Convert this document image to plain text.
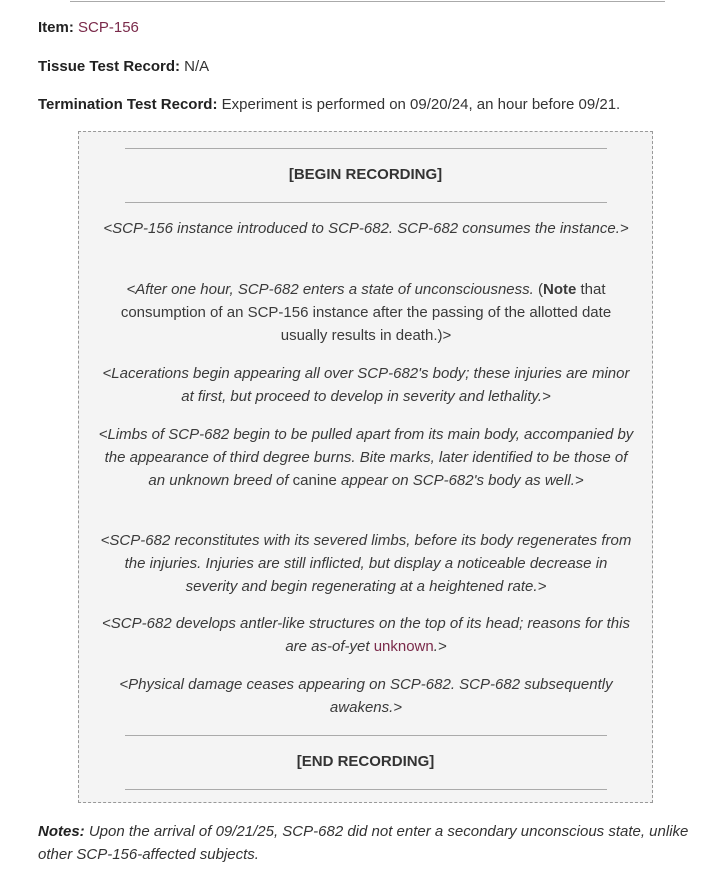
Item: SCP-156

Tissue Test Record: N/A

Termination Test Record: Experiment is performed on 09/20/24, an hour before 09/21.

[BEGIN RECORDING]

<SCP-156 instance introduced to SCP-682. SCP-682 consumes the instance.>

<After one hour, SCP-682 enters a state of unconsciousness. (Note that consumption of an SCP-156 instance after the passing of the allotted date usually results in death.)>

<Lacerations begin appearing all over SCP-682's body; these injuries are minor at first, but proceed to develop in severity and lethality.>

<Limbs of SCP-682 begin to be pulled apart from its main body, accompanied by the appearance of third degree burns. Bite marks, later identified to be those of an unknown breed of canine appear on SCP-682's body as well.>

<SCP-682 reconstitutes with its severed limbs, before its body regenerates from the injuries. Injuries are still inflicted, but display a noticeable decrease in severity and begin regenerating at a heightened rate.>

<SCP-682 develops antler-like structures on the top of its head; reasons for this are as-of-yet unknown.>

<Physical damage ceases appearing on SCP-682. SCP-682 subsequently awakens.>

[END RECORDING]

Notes: Upon the arrival of 09/21/25, SCP-682 did not enter a secondary unconscious state, unlike other SCP-156-affected subjects.
